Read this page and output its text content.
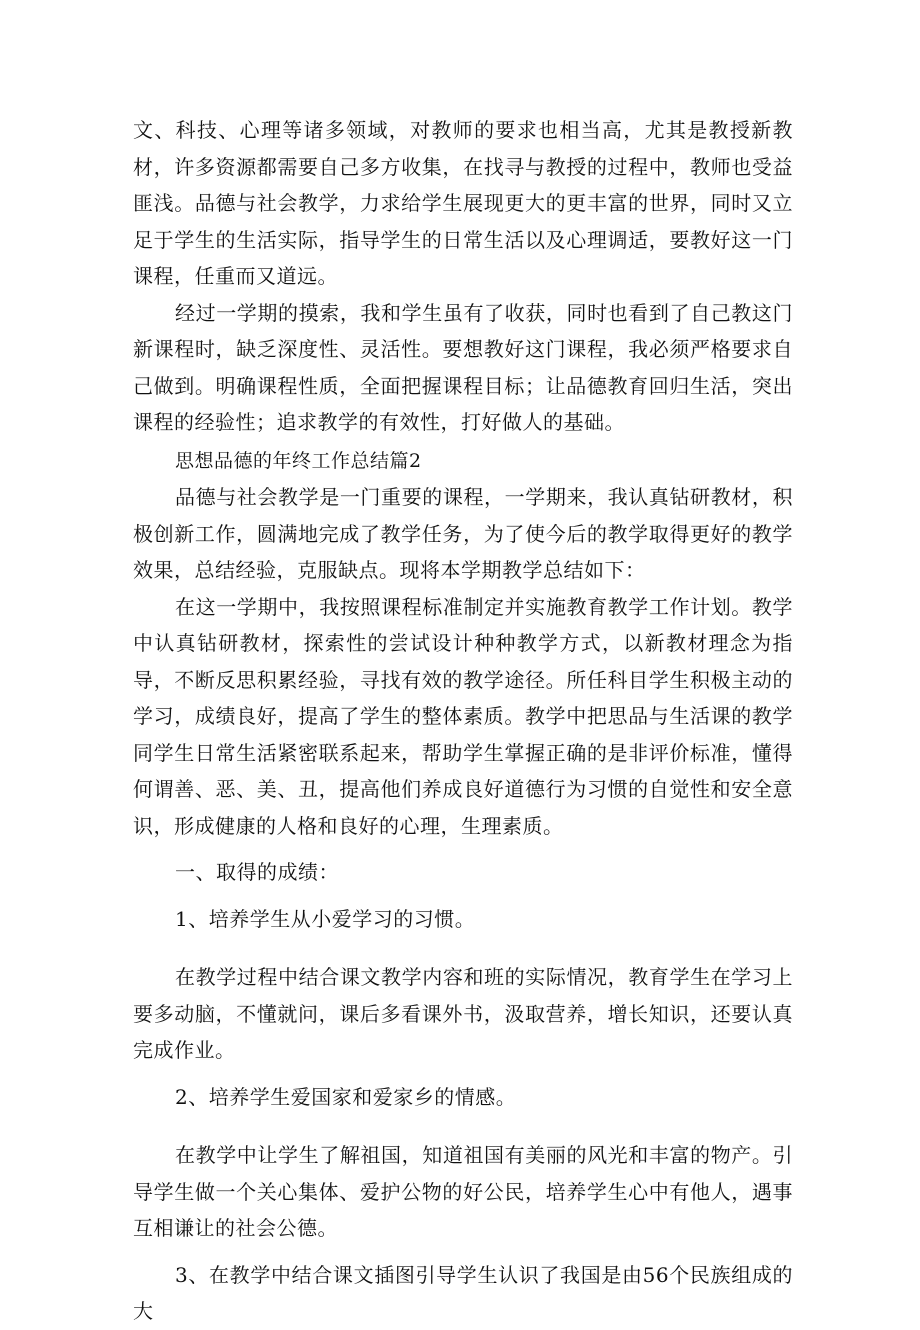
文、科技、心理等诸多领域，对教师的要求也相当高，尤其是教授新教材，许多资源都需要自己多方收集，在找寻与教授的过程中，教师也受益匪浅。品德与社会教学，力求给学生展现更大的更丰富的世界，同时又立足于学生的生活实际，指导学生的日常生活以及心理调适，要教好这一门课程，任重而又道远。

经过一学期的摸索，我和学生虽有了收获，同时也看到了自己教这门新课程时，缺乏深度性、灵活性。要想教好这门课程，我必须严格要求自己做到。明确课程性质，全面把握课程目标；让品德教育回归生活，突出课程的经验性；追求教学的有效性，打好做人的基础。

思想品德的年终工作总结篇2

品德与社会教学是一门重要的课程，一学期来，我认真钻研教材，积极创新工作，圆满地完成了教学任务，为了使今后的教学取得更好的教学效果，总结经验，克服缺点。现将本学期教学总结如下：

在这一学期中，我按照课程标准制定并实施教育教学工作计划。教学中认真钻研教材，探索性的尝试设计种种教学方式，以新教材理念为指导，不断反思积累经验，寻找有效的教学途径。所任科目学生积极主动的学习，成绩良好，提高了学生的整体素质。教学中把思品与生活课的教学同学生日常生活紧密联系起来，帮助学生掌握正确的是非评价标准，懂得何谓善、恶、美、丑，提高他们养成良好道德行为习惯的自觉性和安全意识，形成健康的人格和良好的心理，生理素质。

一、取得的成绩：

1、培养学生从小爱学习的习惯。

在教学过程中结合课文教学内容和班的实际情况，教育学生在学习上要多动脑，不懂就问，课后多看课外书，汲取营养，增长知识，还要认真完成作业。

2、培养学生爱国家和爱家乡的情感。

在教学中让学生了解祖国，知道祖国有美丽的风光和丰富的物产。引导学生做一个关心集体、爱护公物的好公民，培养学生心中有他人，遇事互相谦让的社会公德。

3、在教学中结合课文插图引导学生认识了我国是由56个民族组成的大
